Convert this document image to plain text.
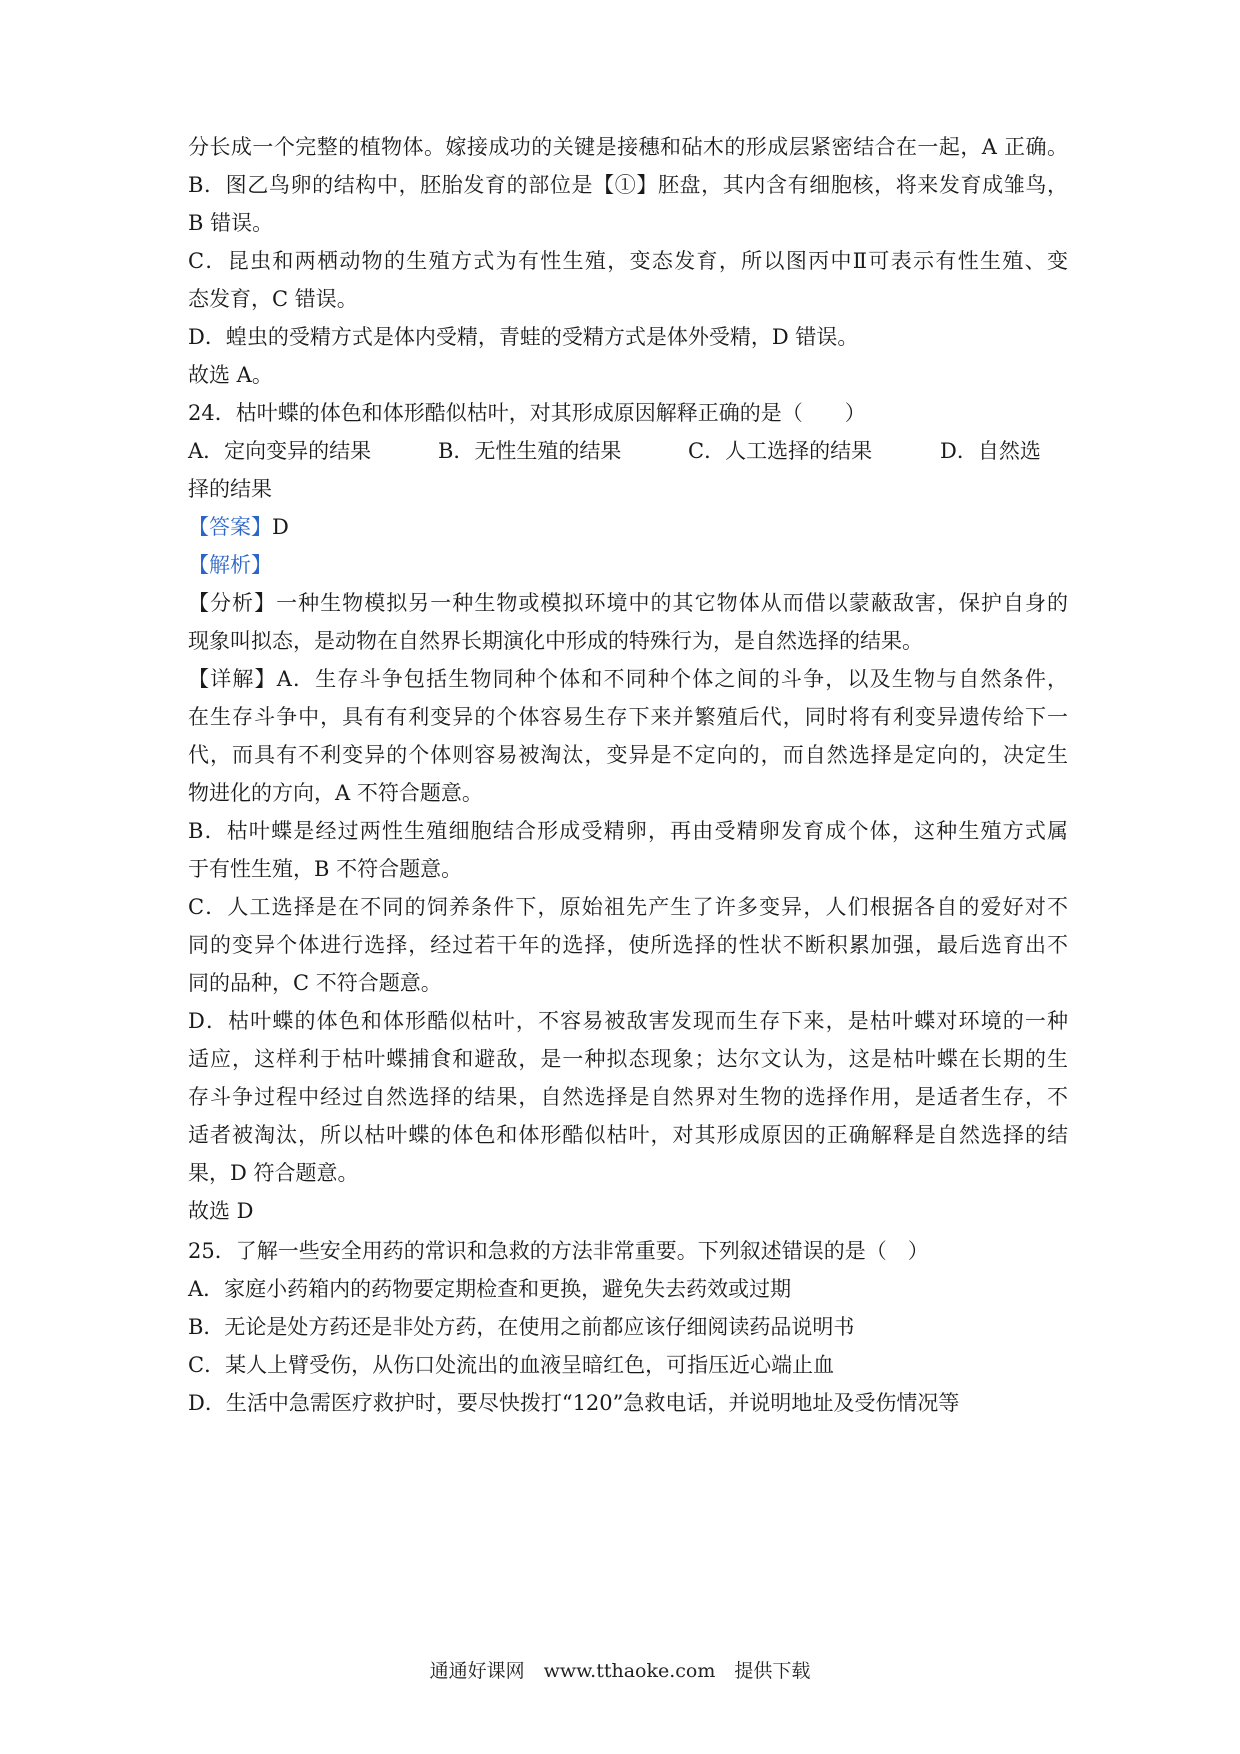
分长成一个完整的植物体。嫁接成功的关键是接穗和砧木的形成层紧密结合在一起，A 正确。
B．图乙鸟卵的结构中，胚胎发育的部位是【①】胚盘，其内含有细胞核，将来发育成雏鸟，
B 错误。
C．昆虫和两栖动物的生殖方式为有性生殖，变态发育，所以图丙中Ⅱ可表示有性生殖、变
态发育，C 错误。
D．蝗虫的受精方式是体内受精，青蛙的受精方式是体外受精，D 错误。
故选 A。
24．枯叶蝶的体色和体形酷似枯叶，对其形成原因解释正确的是（　　）
A．定向变异的结果	B．无性生殖的结果	C．人工选择的结果	D．自然选
择的结果
【答案】D
【解析】
【分析】一种生物模拟另一种生物或模拟环境中的其它物体从而借以蒙蔽敌害，保护自身的
现象叫拟态，是动物在自然界长期演化中形成的特殊行为，是自然选择的结果。
【详解】A．生存斗争包括生物同种个体和不同种个体之间的斗争，以及生物与自然条件，
在生存斗争中，具有有利变异的个体容易生存下来并繁殖后代，同时将有利变异遗传给下一
代，而具有不利变异的个体则容易被淘汰，变异是不定向的，而自然选择是定向的，决定生
物进化的方向，A 不符合题意。
B．枯叶蝶是经过两性生殖细胞结合形成受精卵，再由受精卵发育成个体，这种生殖方式属
于有性生殖，B 不符合题意。
C．人工选择是在不同的饲养条件下，原始祖先产生了许多变异，人们根据各自的爱好对不
同的变异个体进行选择，经过若干年的选择，使所选择的性状不断积累加强，最后选育出不
同的品种，C 不符合题意。
D．枯叶蝶的体色和体形酷似枯叶，不容易被敌害发现而生存下来，是枯叶蝶对环境的一种
适应，这样利于枯叶蝶捕食和避敌，是一种拟态现象；达尔文认为，这是枯叶蝶在长期的生
存斗争过程中经过自然选择的结果，自然选择是自然界对生物的选择作用，是适者生存，不
适者被淘汰，所以枯叶蝶的体色和体形酷似枯叶，对其形成原因的正确解释是自然选择的结
果，D 符合题意。
故选 D
25．了解一些安全用药的常识和急救的方法非常重要。下列叙述错误的是（　）
A．家庭小药箱内的药物要定期检查和更换，避免失去药效或过期
B．无论是处方药还是非处方药，在使用之前都应该仔细阅读药品说明书
C．某人上臂受伤，从伤口处流出的血液呈暗红色，可指压近心端止血
D．生活中急需医疗救护时，要尽快拨打“120”急救电话，并说明地址及受伤情况等
通通好课网　www.tthaoke.com　提供下载
